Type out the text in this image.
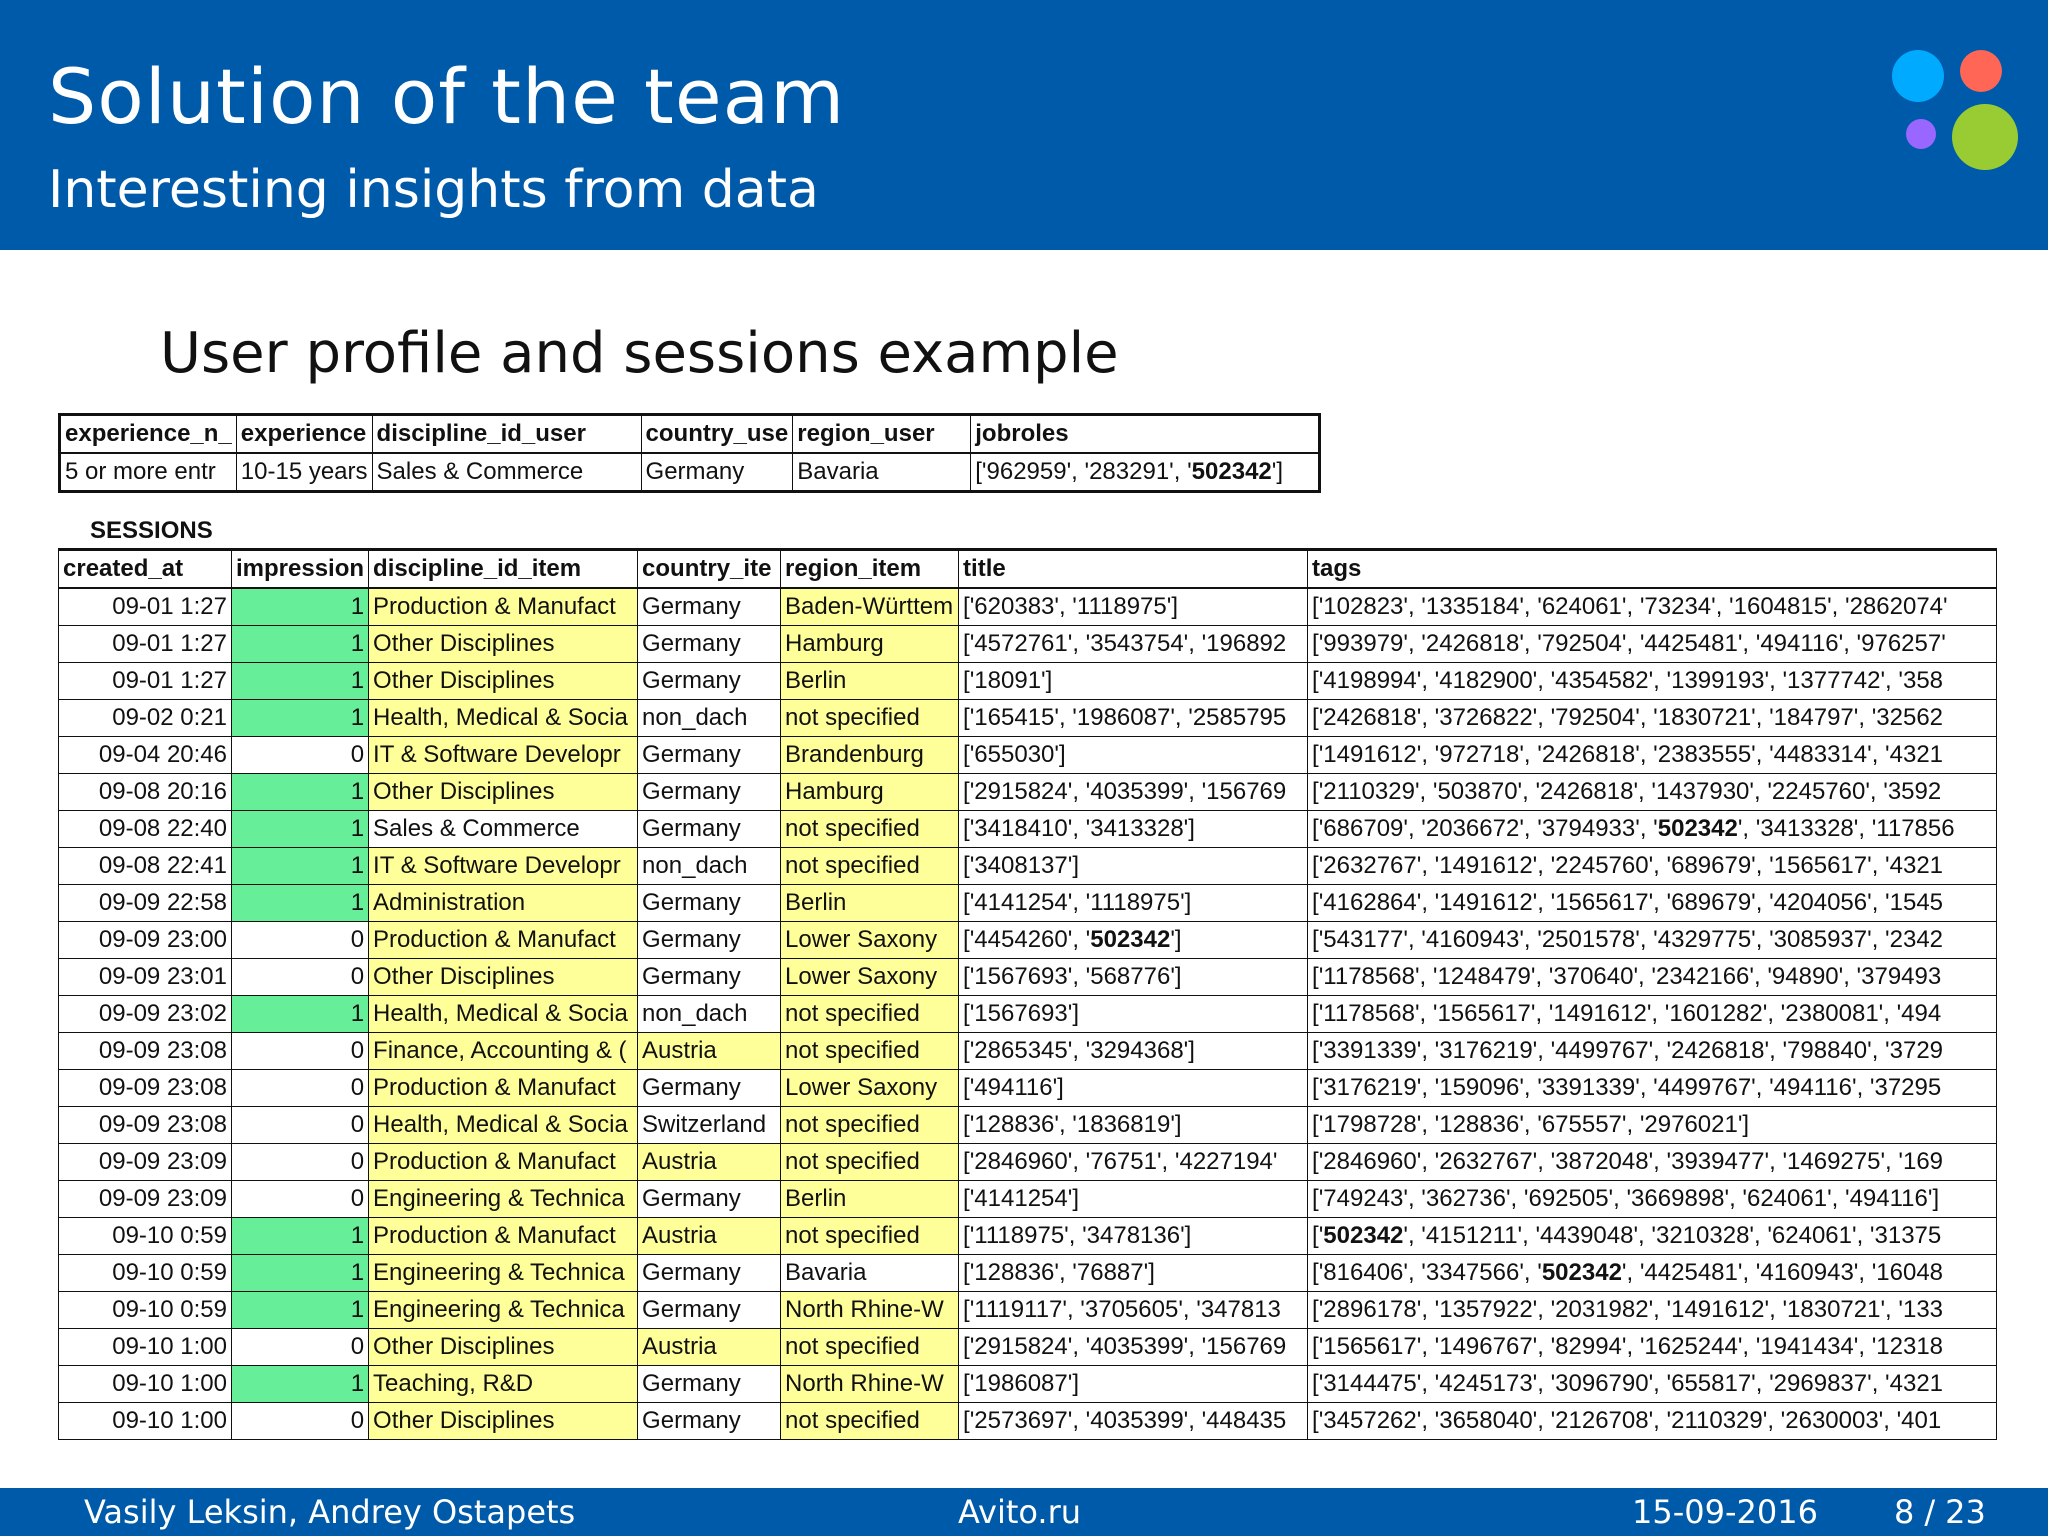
Solution of the team
Interesting insights from data
User profile and sessions example
experience_n_	experience	discipline_id_user	country_use	region_user	jobroles
5 or more entr	10-15 years	Sales & Commerce	Germany	Bavaria	['962959', '283291', '502342']
SESSIONS
created_at	impression	discipline_id_item	country_ite	region_item	title	tags
09-01 1:27	1	Production & Manufact	Germany	Baden-Württem	['620383', '1118975']	['102823', '1335184', '624061', '73234', '1604815', '2862074'
09-01 1:27	1	Other Disciplines	Germany	Hamburg	['4572761', '3543754', '196892	['993979', '2426818', '792504', '4425481', '494116', '976257'
09-01 1:27	1	Other Disciplines	Germany	Berlin	['18091']	['4198994', '4182900', '4354582', '1399193', '1377742', '358
09-02 0:21	1	Health, Medical & Socia	non_dach	not specified	['165415', '1986087', '2585795	['2426818', '3726822', '792504', '1830721', '184797', '32562
09-04 20:46	0	IT & Software Developr	Germany	Brandenburg	['655030']	['1491612', '972718', '2426818', '2383555', '4483314', '4321
09-08 20:16	1	Other Disciplines	Germany	Hamburg	['2915824', '4035399', '156769	['2110329', '503870', '2426818', '1437930', '2245760', '3592
09-08 22:40	1	Sales & Commerce	Germany	not specified	['3418410', '3413328']	['686709', '2036672', '3794933', '502342', '3413328', '117856
09-08 22:41	1	IT & Software Developr	non_dach	not specified	['3408137']	['2632767', '1491612', '2245760', '689679', '1565617', '4321
09-09 22:58	1	Administration	Germany	Berlin	['4141254', '1118975']	['4162864', '1491612', '1565617', '689679', '4204056', '1545
09-09 23:00	0	Production & Manufact	Germany	Lower Saxony	['4454260', '502342']	['543177', '4160943', '2501578', '4329775', '3085937', '2342
09-09 23:01	0	Other Disciplines	Germany	Lower Saxony	['1567693', '568776']	['1178568', '1248479', '370640', '2342166', '94890', '379493
09-09 23:02	1	Health, Medical & Socia	non_dach	not specified	['1567693']	['1178568', '1565617', '1491612', '1601282', '2380081', '494
09-09 23:08	0	Finance, Accounting & (	Austria	not specified	['2865345', '3294368']	['3391339', '3176219', '4499767', '2426818', '798840', '3729
09-09 23:08	0	Production & Manufact	Germany	Lower Saxony	['494116']	['3176219', '159096', '3391339', '4499767', '494116', '37295
09-09 23:08	0	Health, Medical & Socia	Switzerland	not specified	['128836', '1836819']	['1798728', '128836', '675557', '2976021']
09-09 23:09	0	Production & Manufact	Austria	not specified	['2846960', '76751', '4227194'	['2846960', '2632767', '3872048', '3939477', '1469275', '169
09-09 23:09	0	Engineering & Technica	Germany	Berlin	['4141254']	['749243', '362736', '692505', '3669898', '624061', '494116']
09-10 0:59	1	Production & Manufact	Austria	not specified	['1118975', '3478136']	['502342', '4151211', '4439048', '3210328', '624061', '31375
09-10 0:59	1	Engineering & Technica	Germany	Bavaria	['128836', '76887']	['816406', '3347566', '502342', '4425481', '4160943', '16048
09-10 0:59	1	Engineering & Technica	Germany	North Rhine-W	['1119117', '3705605', '347813	['2896178', '1357922', '2031982', '1491612', '1830721', '133
09-10 1:00	0	Other Disciplines	Austria	not specified	['2915824', '4035399', '156769	['1565617', '1496767', '82994', '1625244', '1941434', '12318
09-10 1:00	1	Teaching, R&D	Germany	North Rhine-W	['1986087']	['3144475', '4245173', '3096790', '655817', '2969837', '4321
09-10 1:00	0	Other Disciplines	Germany	not specified	['2573697', '4035399', '448435	['3457262', '3658040', '2126708', '2110329', '2630003', '401
Vasily Leksin, Andrey Ostapets	Avito.ru	15-09-2016 8 / 23
